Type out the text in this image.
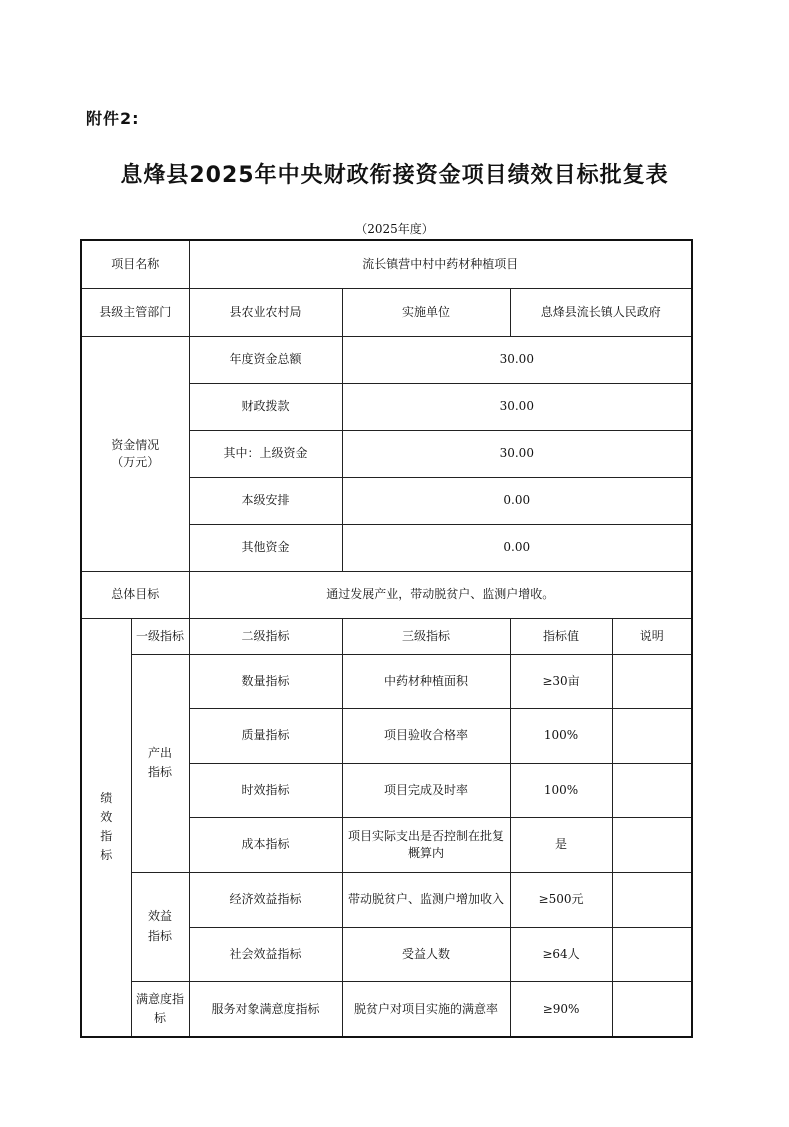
附件2:
息烽县2025年中央财政衔接资金项目绩效目标批复表
（2025年度）
项目名称		流长镇营中村中药材种植项目			
县级主管部门		县农业农村局	实施单位	息烽县流长镇人民政府	

资金情况
（万元）		年度资金总额	30.00		
		财政拨款	30.00		
		其中：上级资金	30.00		
		本级安排	0.00		
		其他资金	0.00		
总体目标		通过发展产业，带动脱贫户、监测户增收。			
绩效指标	一级指标	二级指标	三级指标	指标值	说明
	产出指标	数量指标	中药材种植面积	≥30亩	
		质量指标	项目验收合格率	100%	
		时效指标	项目完成及时率	100%	
		成本指标	项目实际支出是否控制在批复概算内	是	
	效益指标	经济效益指标	带动脱贫户、监测户增加收入	≥500元	
		社会效益指标	受益人数	≥64人	
	满意度指标	服务对象满意度指标	脱贫户对项目实施的满意率	≥90%	
